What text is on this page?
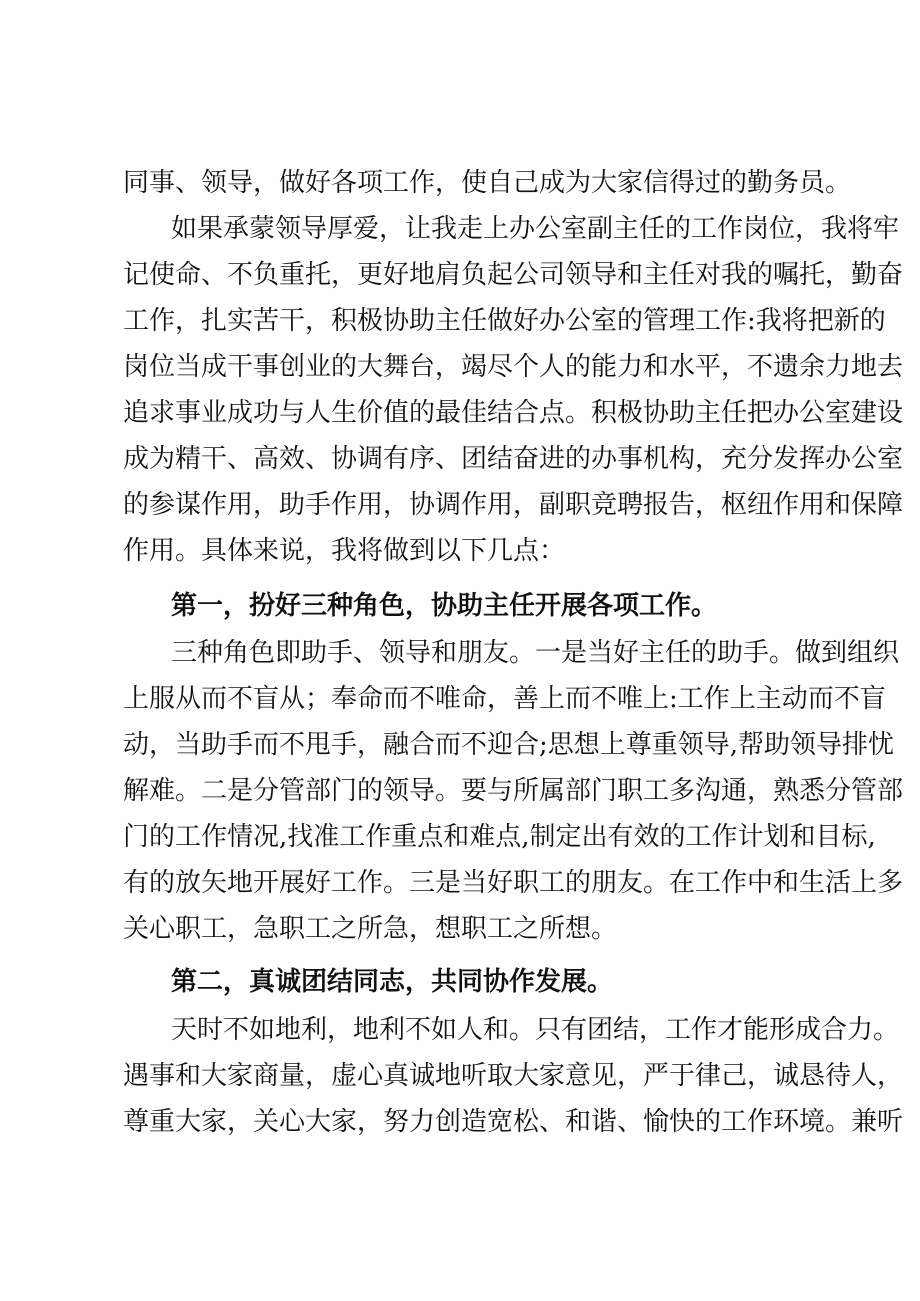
同事、领导，做好各项工作，使自己成为大家信得过的勤务员。
如果承蒙领导厚爱，让我走上办公室副主任的工作岗位，我将牢
记使命、不负重托，更好地肩负起公司领导和主任对我的嘱托，勤奋
工作，扎实苦干，积极协助主任做好办公室的管理工作:我将把新的
岗位当成干事创业的大舞台，竭尽个人的能力和水平，不遗余力地去
追求事业成功与人生价值的最佳结合点。积极协助主任把办公室建设
成为精干、高效、协调有序、团结奋进的办事机构，充分发挥办公室
的参谋作用，助手作用，协调作用，副职竞聘报告，枢纽作用和保障
作用。具体来说，我将做到以下几点：
第一，扮好三种角色，协助主任开展各项工作。
三种角色即助手、领导和朋友。一是当好主任的助手。做到组织
上服从而不盲从；奉命而不唯命，善上而不唯上:工作上主动而不盲
动，当助手而不甩手，融合而不迎合;思想上尊重领导,帮助领导排忧
解难。二是分管部门的领导。要与所属部门职工多沟通，熟悉分管部
门的工作情况,找准工作重点和难点,制定出有效的工作计划和目标,
有的放矢地开展好工作。三是当好职工的朋友。在工作中和生活上多
关心职工，急职工之所急，想职工之所想。
第二，真诚团结同志，共同协作发展。
天时不如地利，地利不如人和。只有团结，工作才能形成合力。
遇事和大家商量，虚心真诚地听取大家意见，严于律己，诚恳待人，
尊重大家，关心大家，努力创造宽松、和谐、愉快的工作环境。兼听
